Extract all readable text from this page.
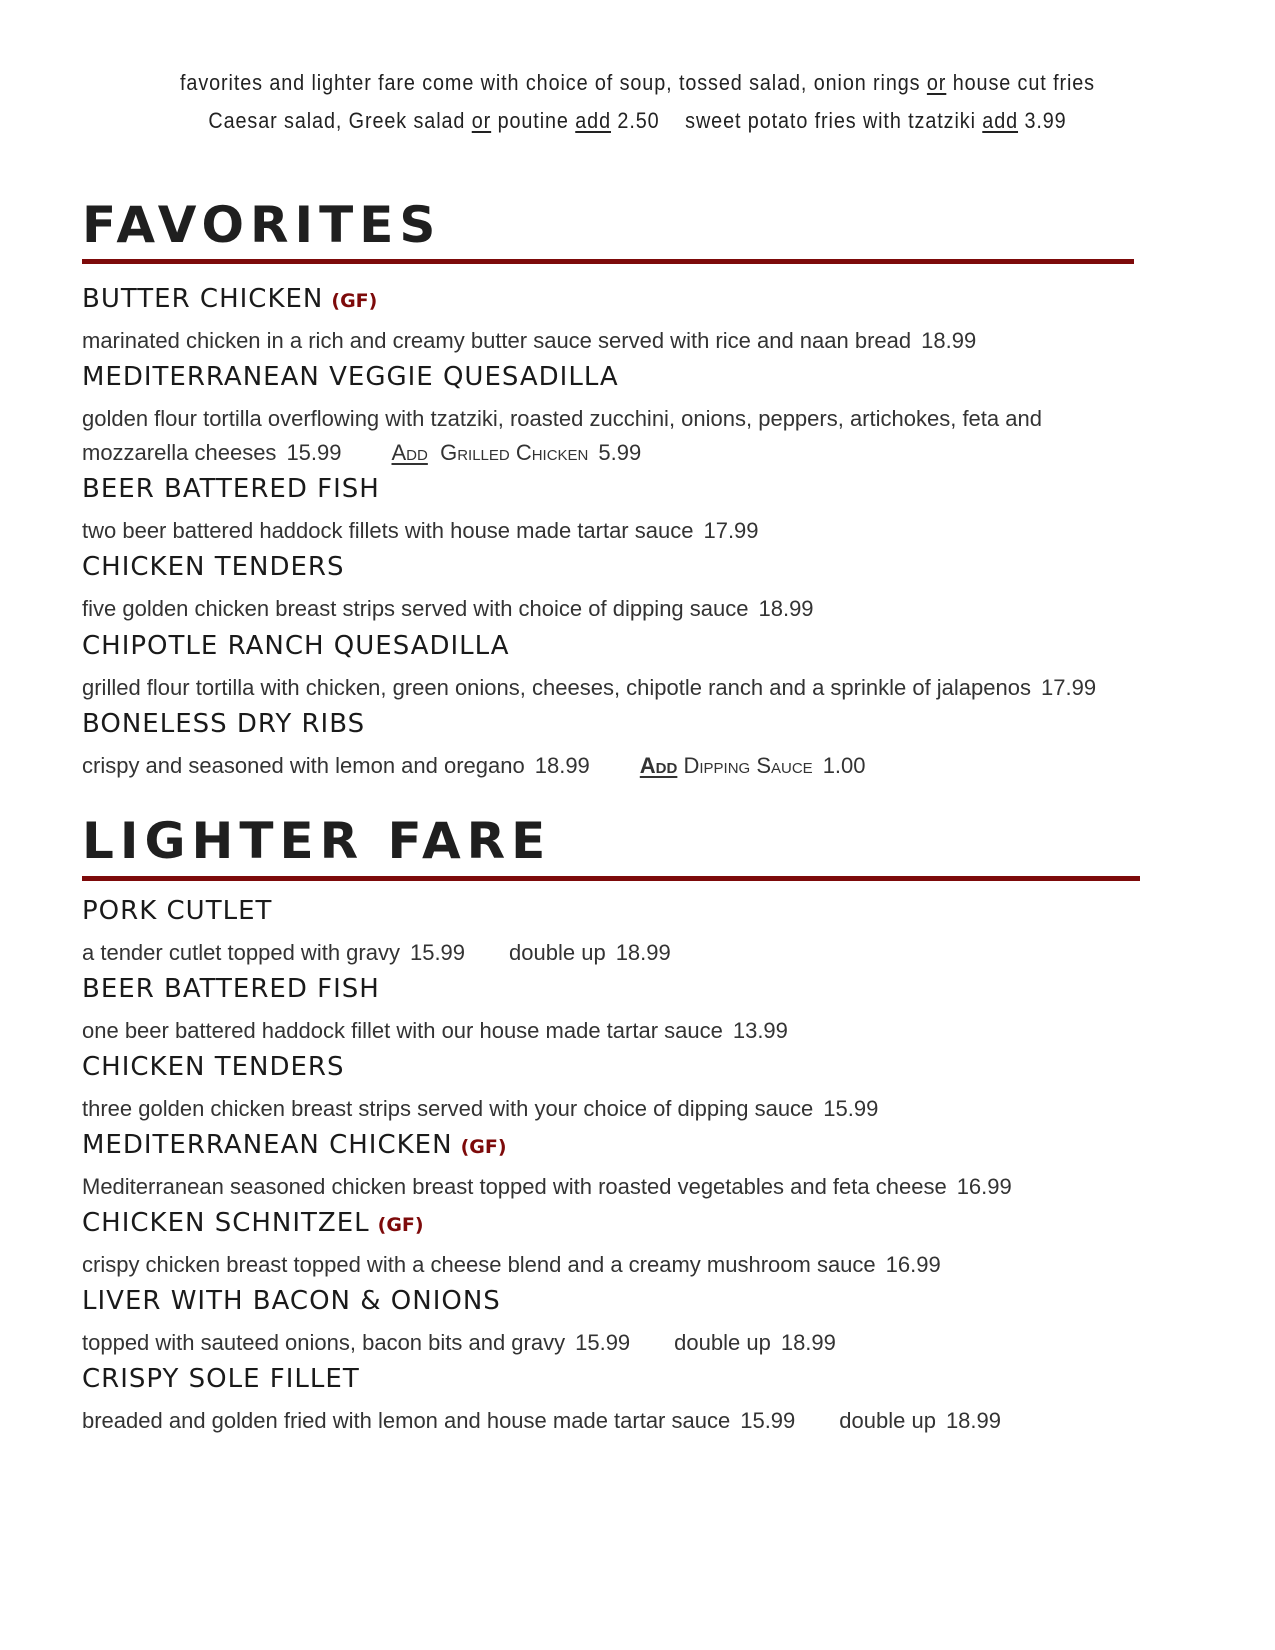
favorites and lighter fare come with choice of soup, tossed salad, onion rings or house cut fries
Caesar salad, Greek salad or poutine add 2.50 sweet potato fries with tzatziki add 3.99
FAVORITES
BUTTER CHICKEN (GF)

marinated chicken in a rich and creamy butter sauce served with rice and naan bread 18.99

MEDITERRANEAN VEGGIE QUESADILLA

golden flour tortilla overflowing with tzatziki, roasted zucchini, onions, peppers, artichokes, feta and

mozzarella cheeses 15.99 Add Grilled Chicken 5.99

BEER BATTERED FISH

two beer battered haddock fillets with house made tartar sauce 17.99

CHICKEN TENDERS

five golden chicken breast strips served with choice of dipping sauce 18.99

CHIPOTLE RANCH QUESADILLA

grilled flour tortilla with chicken, green onions, cheeses, chipotle ranch and a sprinkle of jalapenos 17.99

BONELESS DRY RIBS

crispy and seasoned with lemon and oregano 18.99 Add Dipping Sauce 1.00

LIGHTER FARE
PORK CUTLET

a tender cutlet topped with gravy 15.99 double up 18.99

BEER BATTERED FISH

one beer battered haddock fillet with our house made tartar sauce 13.99

CHICKEN TENDERS

three golden chicken breast strips served with your choice of dipping sauce 15.99

MEDITERRANEAN CHICKEN (GF)

Mediterranean seasoned chicken breast topped with roasted vegetables and feta cheese 16.99

CHICKEN SCHNITZEL (GF)

crispy chicken breast topped with a cheese blend and a creamy mushroom sauce 16.99

LIVER WITH BACON & ONIONS

topped with sauteed onions, bacon bits and gravy 15.99 double up 18.99

CRISPY SOLE FILLET

breaded and golden fried with lemon and house made tartar sauce 15.99 double up 18.99
